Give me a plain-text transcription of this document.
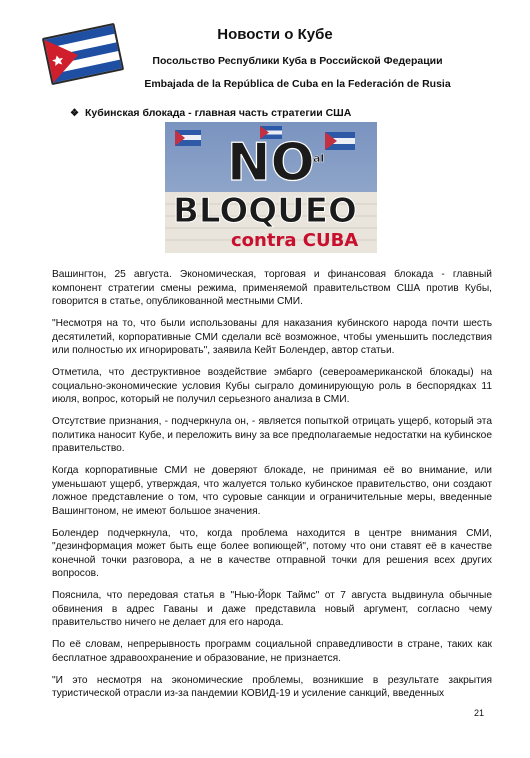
Новости о Кубе
Посольство Республики Куба в Российской Федерации
Embajada de la República de Cuba en la Federación de Rusia
❖ Кубинская блокада - главная часть стратегии США
NO
al
BLOQUEO
contra CUBA

Вашингтон, 25 августа. Экономическая, торговая и финансовая блокада - главный компонент стратегии смены режима, применяемой правительством США против Кубы, говорится в статье, опубликованной местными СМИ.

"Несмотря на то, что были использованы для наказания кубинского народа почти шесть десятилетий, корпоративные СМИ сделали всё возможное, чтобы уменьшить последствия или полностью их игнорировать", заявила Кейт Болендер, автор статьи.

Отметила, что деструктивное воздействие эмбарго (североамериканской блокады) на социально-экономические условия Кубы сыграло доминирующую роль в беспорядках 11 июля, вопрос, который не получил серьезного анализа в СМИ.

Отсутствие признания, - подчеркнула он, - является попыткой отрицать ущерб, который эта политика наносит Кубе, и переложить вину за все предполагаемые недостатки на кубинское правительство.

Когда корпоративные СМИ не доверяют блокаде, не принимая её во внимание, или уменьшают ущерб, утверждая, что жалуется только кубинское правительство, они создают ложное представление о том, что суровые санкции и ограничительные меры, введенные Вашингтоном, не имеют большое значения.

Болендер подчеркнула, что, когда проблема находится в центре внимания СМИ, "дезинформация может быть еще более вопиющей", потому что они ставят её в качестве конечной точки разговора, а не в качестве отправной точки для решения всех других вопросов.

Пояснила, что передовая статья в "Нью-Йорк Таймс" от 7 августа выдвинула обычные обвинения в адрес Гаваны и даже представила новый аргумент, согласно чему правительство ничего не делает для его народа.

По её словам, непрерывность программ социальной справедливости в стране, таких как бесплатное здравоохранение и образование, не признается.

"И это несмотря на экономические проблемы, возникшие в результате закрытия туристической отрасли из-за пандемии КОВИД-19 и усиление санкций, введенных

21
